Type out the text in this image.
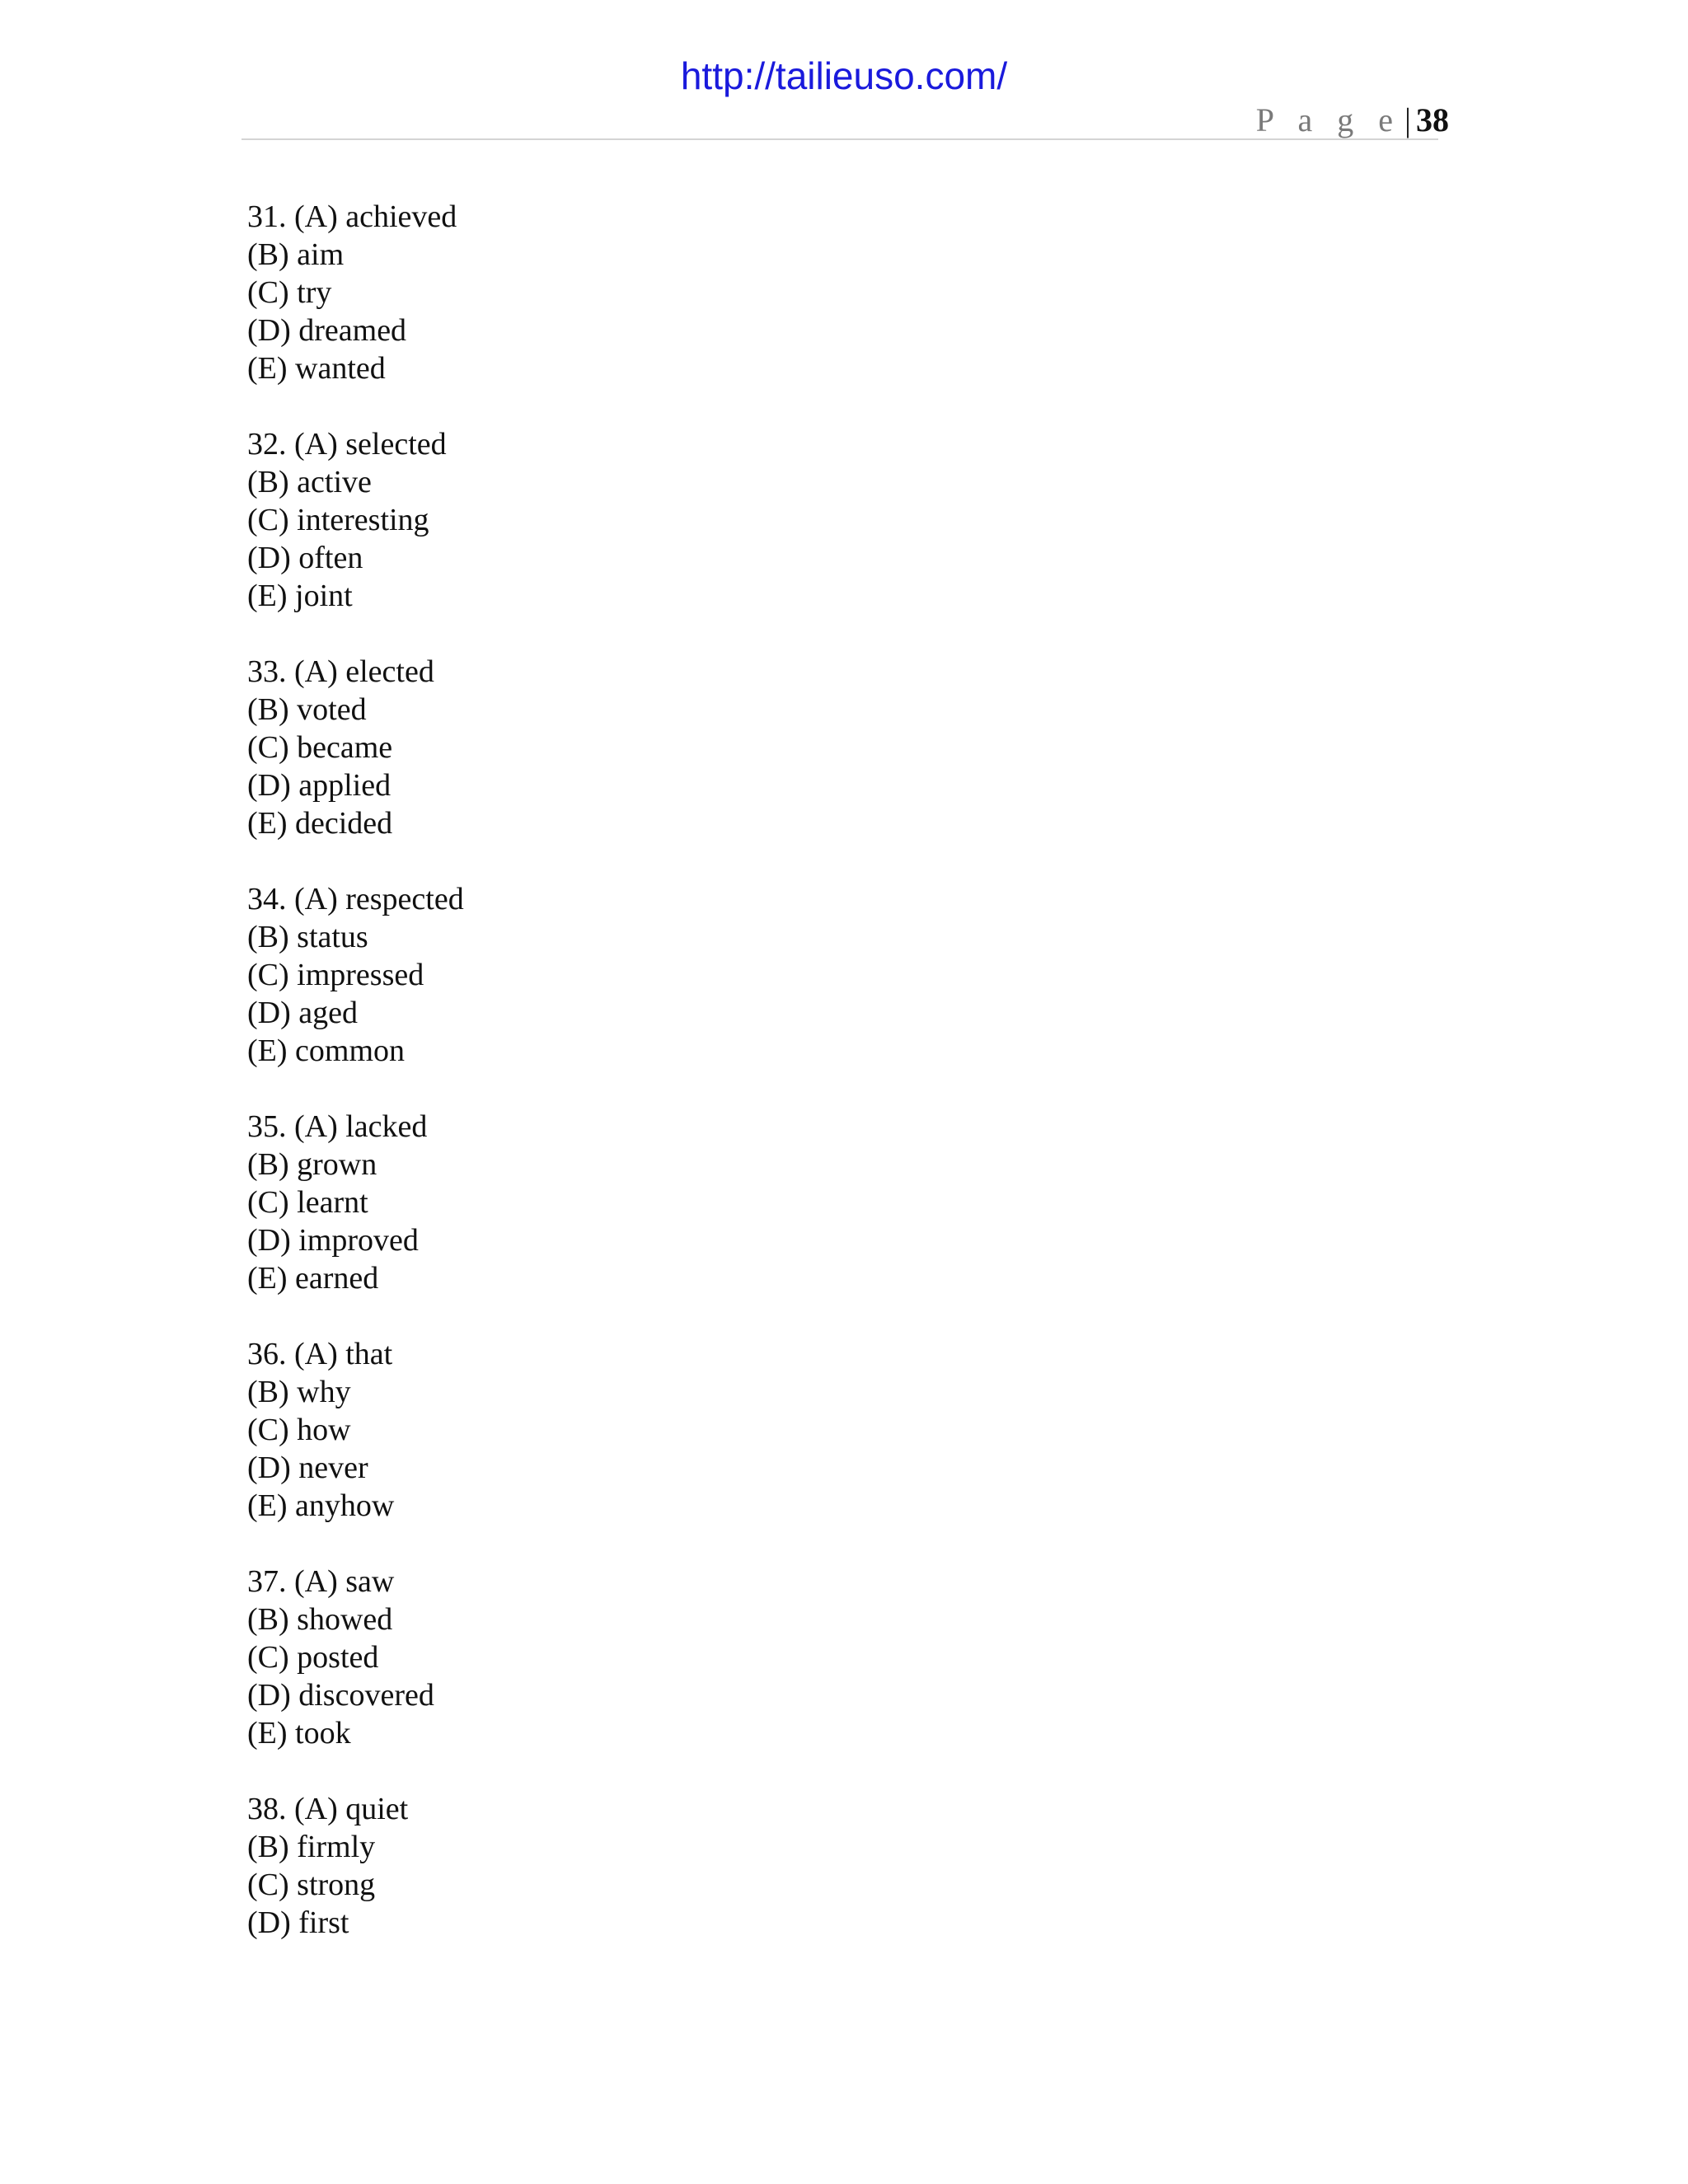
http://tailieuso.com/
P a g e | 38
31. (A) achieved
(B) aim
(C) try
(D) dreamed
(E) wanted
32. (A) selected
(B) active
(C) interesting
(D) often
(E) joint
33. (A) elected
(B) voted
(C) became
(D) applied
(E) decided
34. (A) respected
(B) status
(C) impressed
(D) aged
(E) common
35. (A) lacked
(B) grown
(C) learnt
(D) improved
(E) earned
36. (A) that
(B) why
(C) how
(D) never
(E) anyhow
37. (A) saw
(B) showed
(C) posted
(D) discovered
(E) took
38. (A) quiet
(B) firmly
(C) strong
(D) first
